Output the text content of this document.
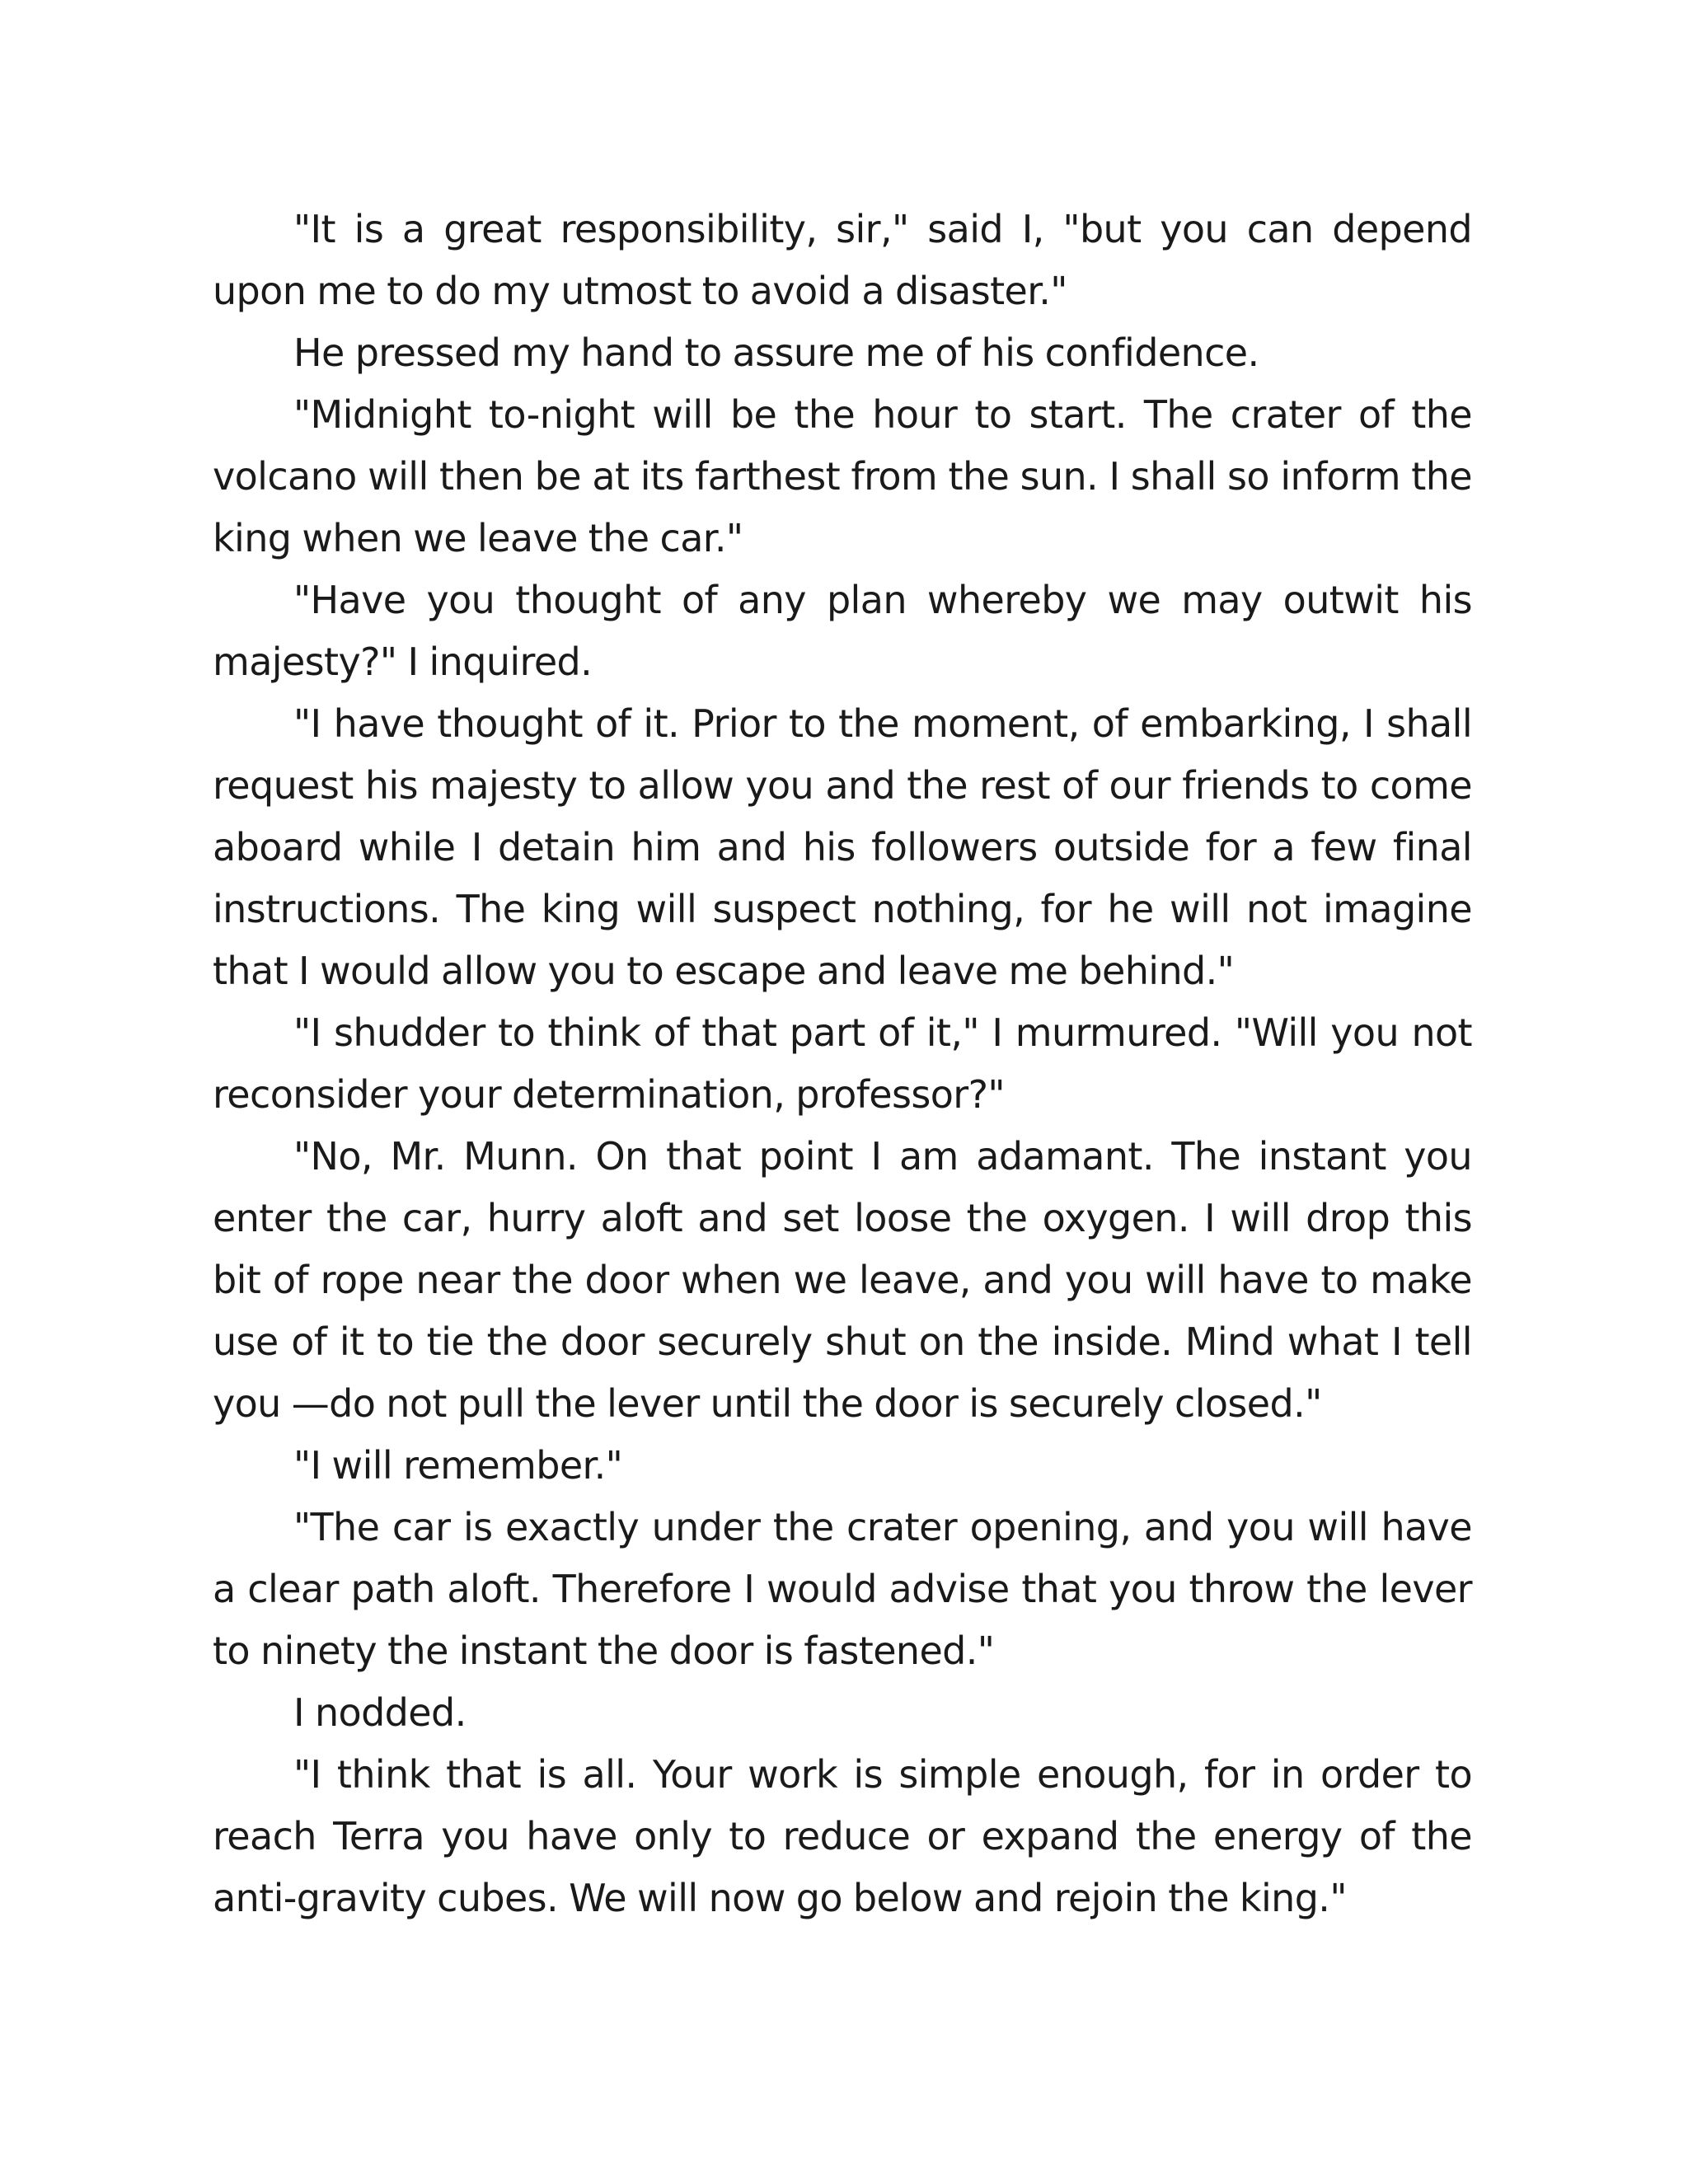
"It is a great responsibility, sir," said I, "but you can depend upon me to do my utmost to avoid a disaster."

He pressed my hand to assure me of his confidence.

"Midnight to-night will be the hour to start. The crater of the volcano will then be at its farthest from the sun. I shall so inform the king when we leave the car."

"Have you thought of any plan whereby we may outwit his majesty?" I inquired.

"I have thought of it. Prior to the moment, of embarking, I shall request his majesty to allow you and the rest of our friends to come aboard while I detain him and his followers outside for a few final instructions. The king will suspect nothing, for he will not imagine that I would allow you to escape and leave me behind."

"I shudder to think of that part of it," I murmured. "Will you not reconsider your determination, professor?"

"No, Mr. Munn. On that point I am adamant. The instant you enter the car, hurry aloft and set loose the oxygen. I will drop this bit of rope near the door when we leave, and you will have to make use of it to tie the door securely shut on the inside. Mind what I tell you —do not pull the lever until the door is securely closed."

"I will remember."

"The car is exactly under the crater opening, and you will have a clear path aloft. Therefore I would advise that you throw the lever to ninety the instant the door is fastened."

I nodded.

"I think that is all. Your work is simple enough, for in order to reach Terra you have only to reduce or expand the energy of the anti-gravity cubes. We will now go below and rejoin the king."
